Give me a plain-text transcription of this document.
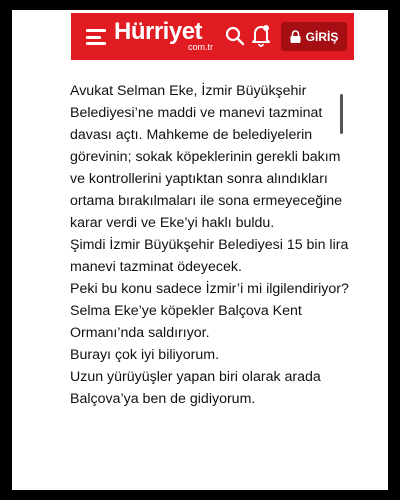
Hürriyet
com.tr
GİRİŞ

Avukat Selman Eke, İzmir Büyükşehir Belediyesi’ne maddi ve manevi tazminat davası açtı. Mahkeme de belediyelerin görevinin; sokak köpeklerinin gerekli bakım ve kontrollerini yaptıktan sonra alındıkları ortama bırakılmaları ile sona ermeyeceğine karar verdi ve Eke’yi haklı buldu.

Şimdi İzmir Büyükşehir Belediyesi 15 bin lira manevi tazminat ödeyecek.

Peki bu konu sadece İzmir’i mi ilgilendiriyor?

Selma Eke’ye köpekler Balçova Kent Ormanı’nda saldırıyor.

Burayı çok iyi biliyorum.

Uzun yürüyüşler yapan biri olarak arada Balçova’ya ben de gidiyorum.
